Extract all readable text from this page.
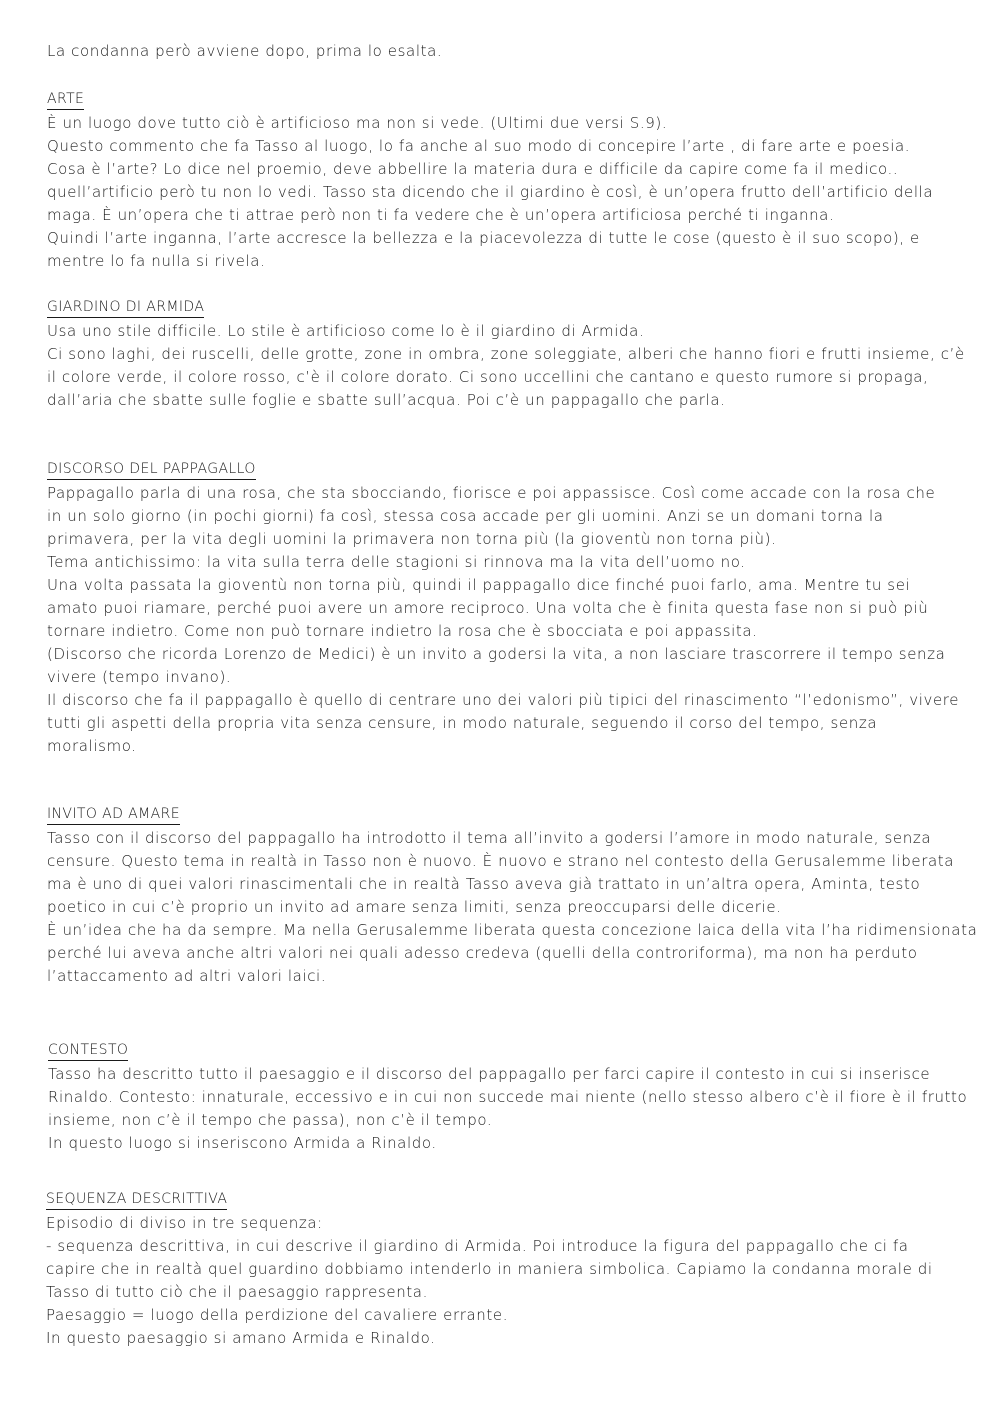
La condanna però avviene dopo, prima lo esalta.
ARTE
È un luogo dove tutto ciò è artificioso ma non si vede. (Ultimi due versi S.9).
Questo commento che fa Tasso al luogo, lo fa anche al suo modo di concepire l’arte , di fare arte e poesia.
Cosa è l’arte? Lo dice nel proemio, deve abbellire la materia dura e difficile da capire come fa il medico..
quell’artificio però tu non lo vedi. Tasso sta dicendo che il giardino è così, è un’opera frutto dell’artificio della
maga. È un’opera che ti attrae però non ti fa vedere che è un’opera artificiosa perché ti inganna.
Quindi l’arte inganna, l’arte accresce la bellezza e la piacevolezza di tutte le cose (questo è il suo scopo), e
mentre lo fa nulla si rivela.
GIARDINO DI ARMIDA
Usa uno stile difficile. Lo stile è artificioso come lo è il giardino di Armida.
Ci sono laghi, dei ruscelli, delle grotte, zone in ombra, zone soleggiate, alberi che hanno fiori e frutti insieme, c’è
il colore verde, il colore rosso, c’è il colore dorato. Ci sono uccellini che cantano e questo rumore si propaga,
dall’aria che sbatte sulle foglie e sbatte sull’acqua. Poi c’è un pappagallo che parla.
DISCORSO DEL PAPPAGALLO
Pappagallo parla di una rosa, che sta sbocciando, fiorisce e poi appassisce. Così come accade con la rosa che
in un solo giorno (in pochi giorni) fa così, stessa cosa accade per gli uomini. Anzi se un domani torna la
primavera, per la vita degli uomini la primavera non torna più (la gioventù non torna più).
Tema antichissimo: la vita sulla terra delle stagioni si rinnova ma la vita dell’uomo no.
Una volta passata la gioventù non torna più, quindi il pappagallo dice finché puoi farlo, ama. Mentre tu sei
amato puoi riamare, perché puoi avere un amore reciproco. Una volta che è finita questa fase non si può più
tornare indietro. Come non può tornare indietro la rosa che è sbocciata e poi appassita.
(Discorso che ricorda Lorenzo de Medici) è un invito a godersi la vita, a non lasciare trascorrere il tempo senza
vivere (tempo invano).
Il discorso che fa il pappagallo è quello di centrare uno dei valori più tipici del rinascimento “l’edonismo”, vivere
tutti gli aspetti della propria vita senza censure, in modo naturale, seguendo il corso del tempo, senza
moralismo.
INVITO AD AMARE
Tasso con il discorso del pappagallo ha introdotto il tema all’invito a godersi l’amore in modo naturale, senza
censure. Questo tema in realtà in Tasso non è nuovo. È nuovo e strano nel contesto della Gerusalemme liberata
ma è uno di quei valori rinascimentali che in realtà Tasso aveva già trattato in un’altra opera, Aminta, testo
poetico in cui c’è proprio un invito ad amare senza limiti, senza preoccuparsi delle dicerie.
È un’idea che ha da sempre. Ma nella Gerusalemme liberata questa concezione laica della vita l’ha ridimensionata
perché lui aveva anche altri valori nei quali adesso credeva (quelli della controriforma), ma non ha perduto
l’attaccamento ad altri valori laici.
CONTESTO
Tasso ha descritto tutto il paesaggio e il discorso del pappagallo per farci capire il contesto in cui si inserisce
Rinaldo. Contesto: innaturale, eccessivo e in cui non succede mai niente (nello stesso albero c’è il fiore è il frutto
insieme, non c’è il tempo che passa), non c’è il tempo.
In questo luogo si inseriscono Armida a Rinaldo.
SEQUENZA DESCRITTIVA
Episodio di diviso in tre sequenza:
- sequenza descrittiva, in cui descrive il giardino di Armida. Poi introduce la figura del pappagallo che ci fa
capire che in realtà quel guardino dobbiamo intenderlo in maniera simbolica. Capiamo la condanna morale di
Tasso di tutto ciò che il paesaggio rappresenta.
Paesaggio = luogo della perdizione del cavaliere errante.
In questo paesaggio si amano Armida e Rinaldo.
